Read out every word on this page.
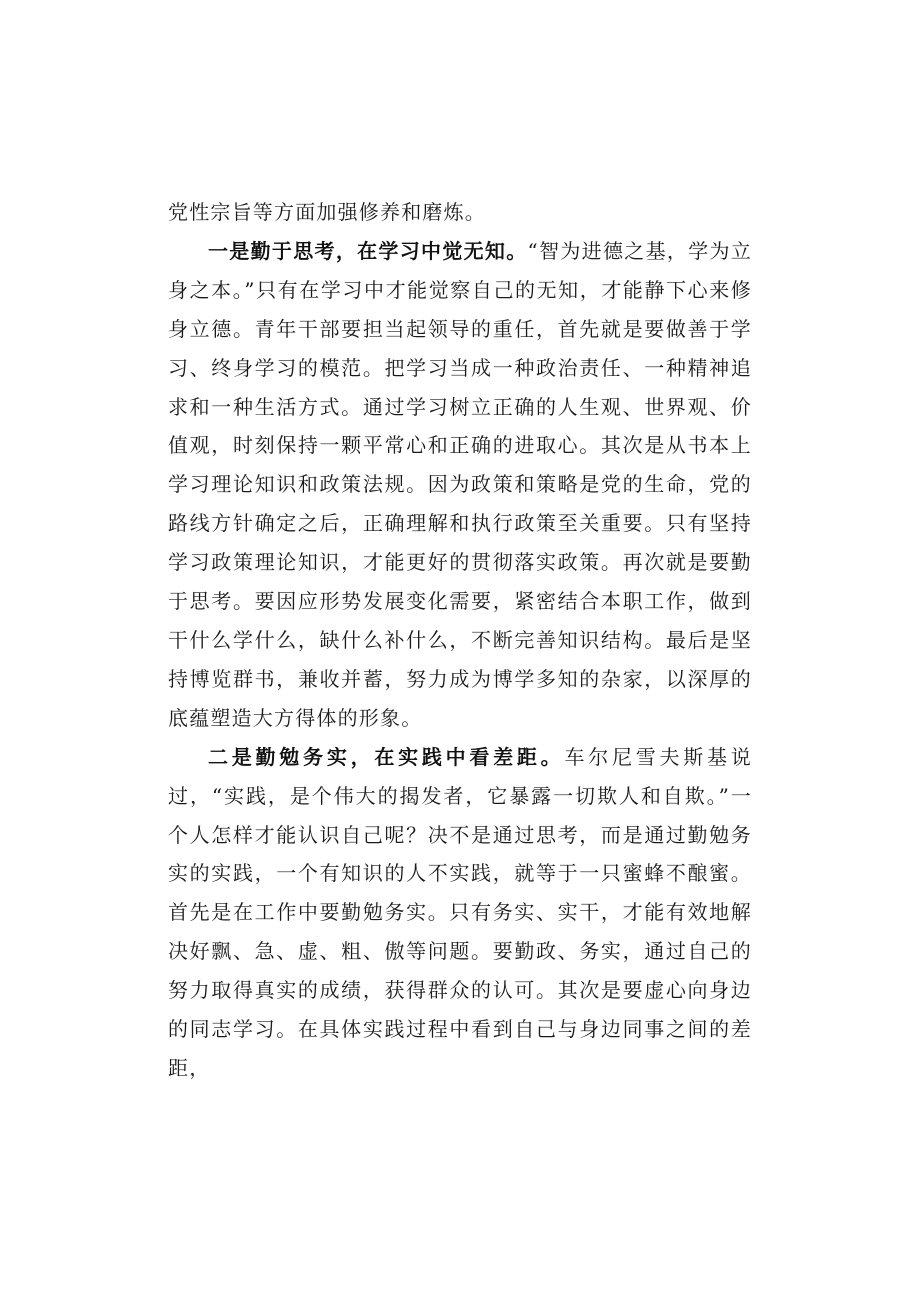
党性宗旨等方面加强修养和磨炼。

一是勤于思考，在学习中觉无知。“智为进德之基，学为立身之本。”只有在学习中才能觉察自己的无知，才能静下心来修身立德。青年干部要担当起领导的重任，首先就是要做善于学习、终身学习的模范。把学习当成一种政治责任、一种精神追求和一种生活方式。通过学习树立正确的人生观、世界观、价值观，时刻保持一颗平常心和正确的进取心。其次是从书本上学习理论知识和政策法规。因为政策和策略是党的生命，党的路线方针确定之后，正确理解和执行政策至关重要。只有坚持学习政策理论知识，才能更好的贯彻落实政策。再次就是要勤于思考。要因应形势发展变化需要，紧密结合本职工作，做到干什么学什么，缺什么补什么，不断完善知识结构。最后是坚持博览群书，兼收并蓄，努力成为博学多知的杂家，以深厚的底蕴塑造大方得体的形象。

二是勤勉务实，在实践中看差距。车尔尼雪夫斯基说过，“实践，是个伟大的揭发者，它暴露一切欺人和自欺。”一个人怎样才能认识自己呢？决不是通过思考，而是通过勤勉务实的实践，一个有知识的人不实践，就等于一只蜜蜂不酿蜜。首先是在工作中要勤勉务实。只有务实、实干，才能有效地解决好飘、急、虚、粗、傲等问题。要勤政、务实，通过自己的努力取得真实的成绩，获得群众的认可。其次是要虚心向身边的同志学习。在具体实践过程中看到自己与身边同事之间的差距，
